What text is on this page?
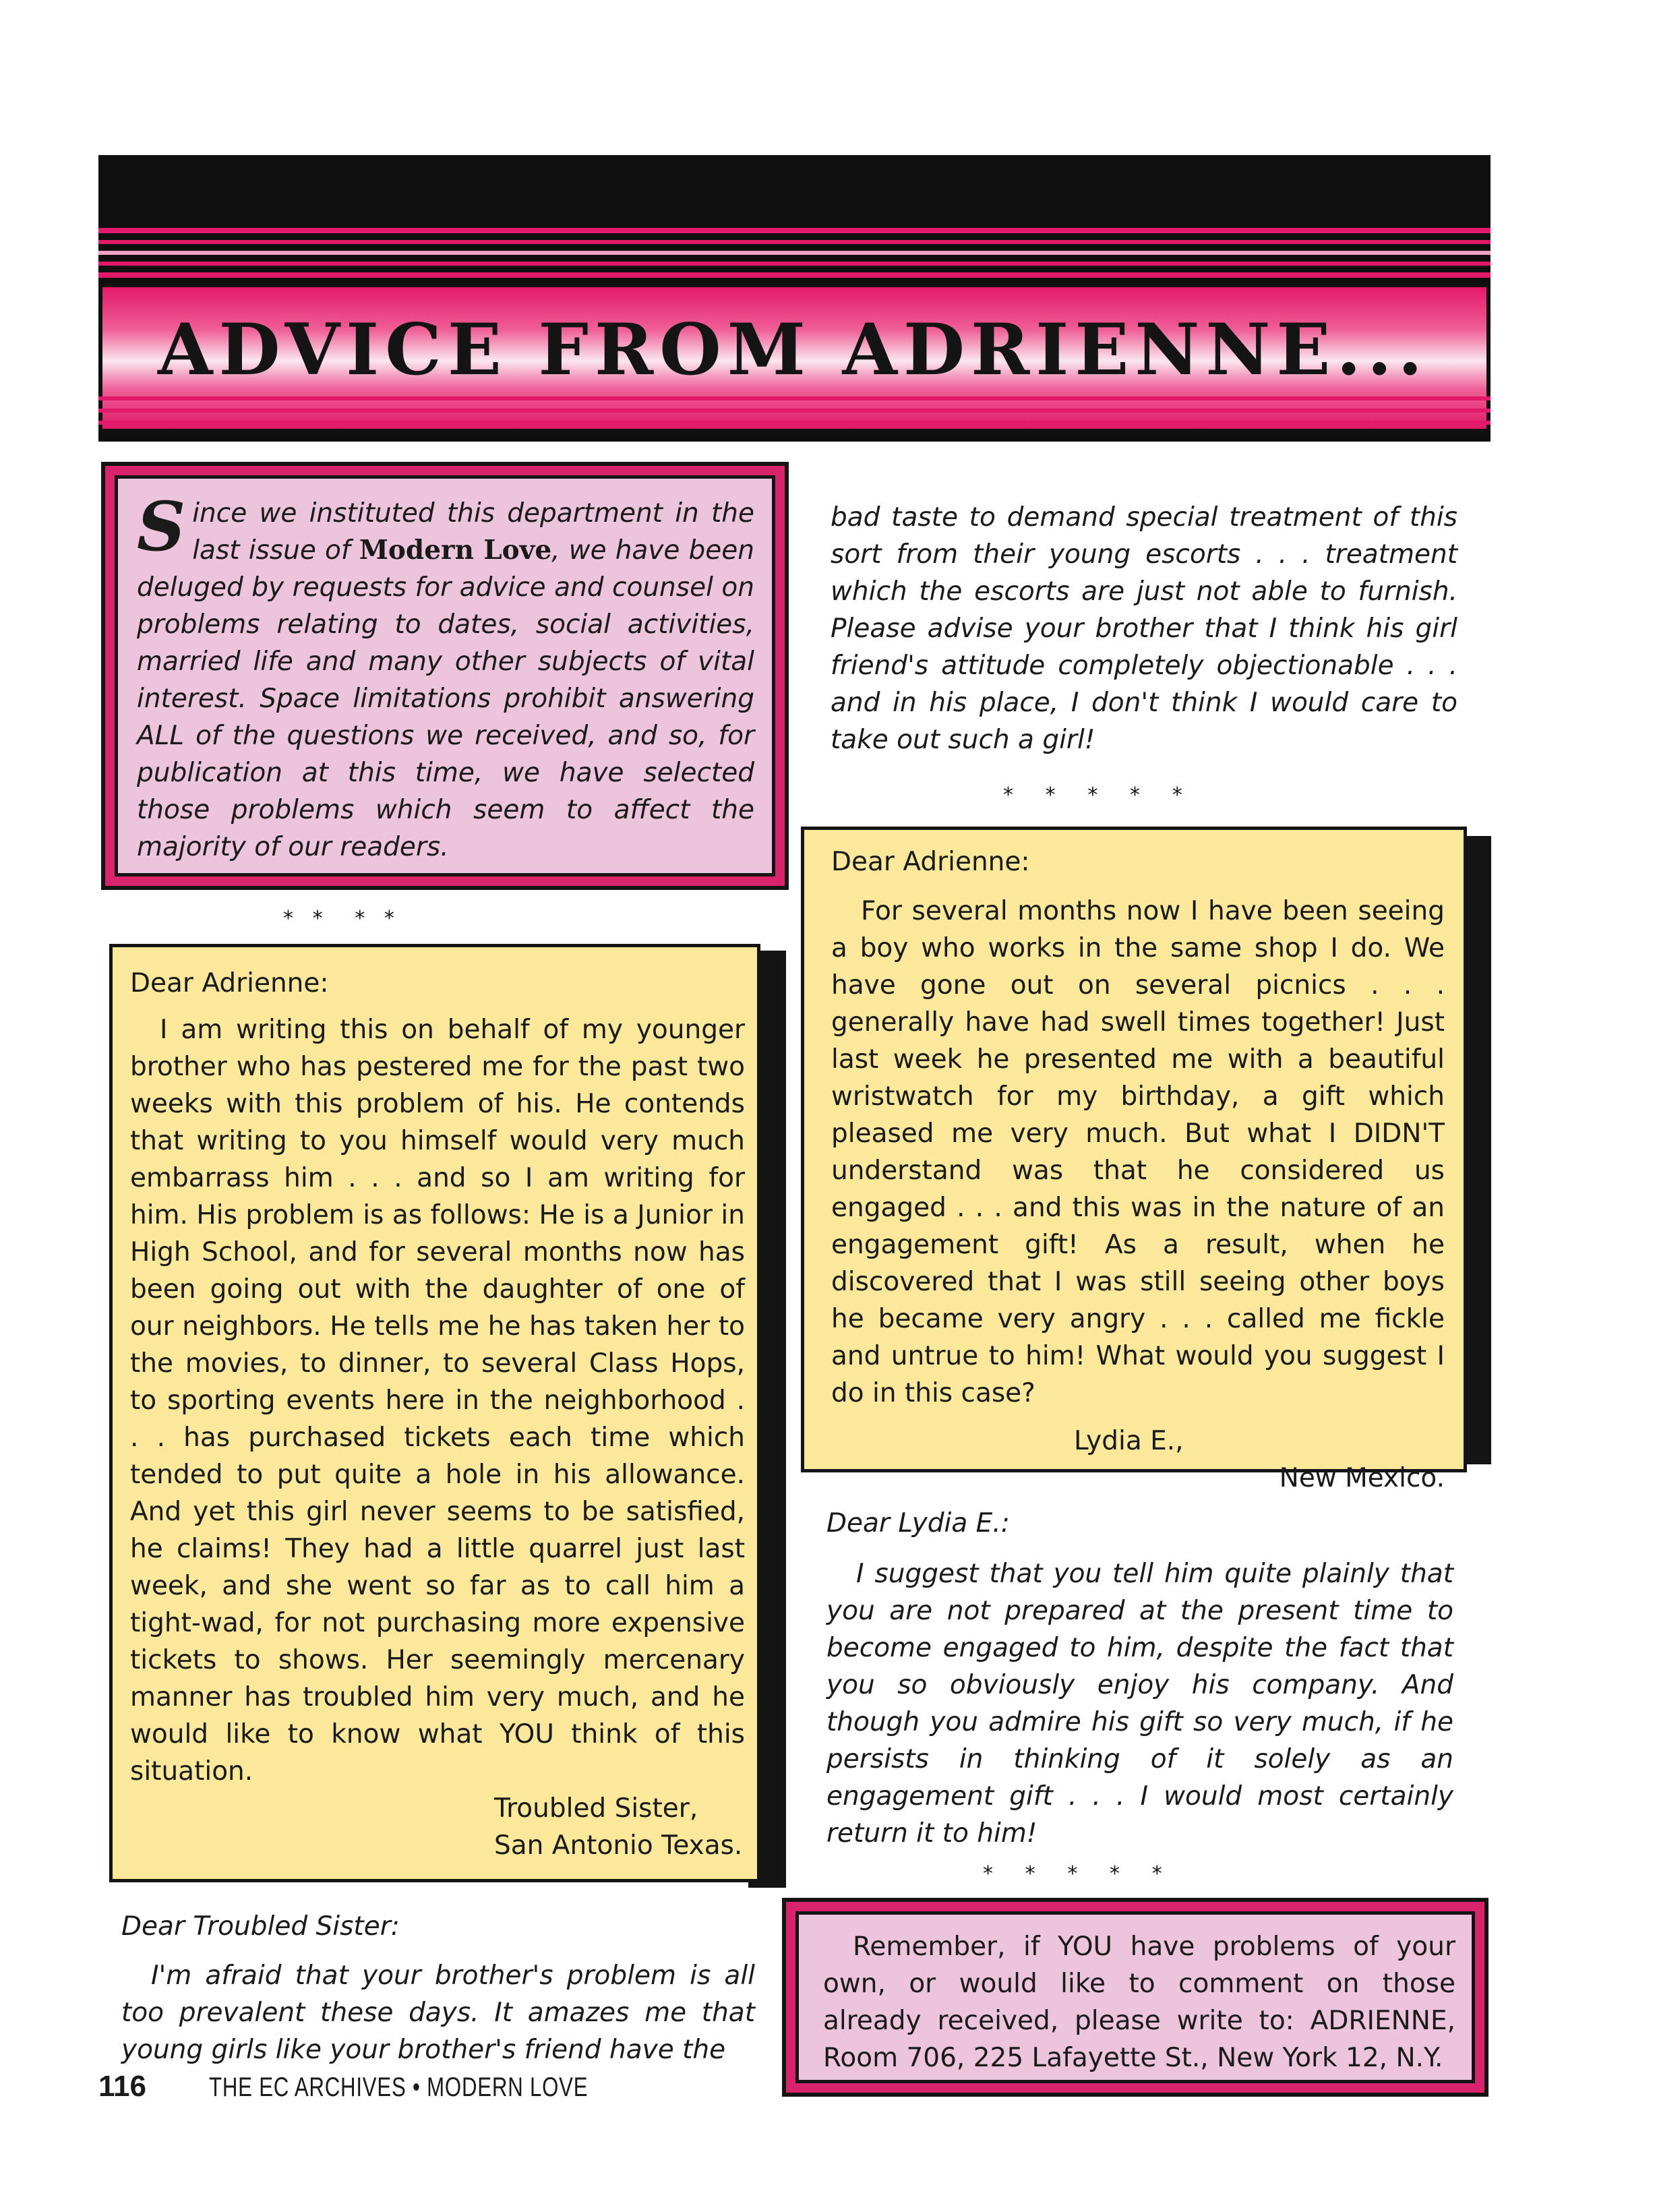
ADVICE FROM ADRIENNE...

Since we instituted this department in the last issue of Modern Love, we have been deluged by requests for advice and counsel on problems relating to dates, social activities, married life and many other subjects of vital interest. Space limitations prohibit answering ALL of the questions we received, and so, for publication at this time, we have selected those problems which seem to affect the majority of our readers.

*   *     *   *

Dear Adrienne:

I am writing this on behalf of my younger brother who has pestered me for the past two weeks with this problem of his. He contends that writing to you himself would very much embarrass him . . . and so I am writing for him. His problem is as follows: He is a Junior in High School, and for several months now has been going out with the daughter of one of our neighbors. He tells me he has taken her to the movies, to dinner, to several Class Hops, to sporting events here in the neighborhood . . . has purchased tickets each time which tended to put quite a hole in his allowance. And yet this girl never seems to be satisfied, he claims! They had a little quarrel just last week, and she went so far as to call him a tight-wad, for not purchasing more expensive tickets to shows. Her seemingly mercenary manner has troubled him very much, and he would like to know what YOU think of this situation.

Troubled Sister,

San Antonio Texas.

Dear Troubled Sister:

I'm afraid that your brother's problem is all too prevalent these days. It amazes me that young girls like your brother's friend have the

bad taste to demand special treatment of this sort from their young escorts . . . treatment which the escorts are just not able to furnish. Please advise your brother that I think his girl friend's attitude completely objectionable . . . and in his place, I don't think I would care to take out such a girl!

*     *     *     *     *

Dear Adrienne:

For several months now I have been seeing a boy who works in the same shop I do. We have gone out on several picnics . . . generally have had swell times together! Just last week he presented me with a beautiful wristwatch for my birthday, a gift which pleased me very much. But what I DIDN'T understand was that he considered us engaged . . . and this was in the nature of an engagement gift! As a result, when he discovered that I was still seeing other boys he became very angry . . . called me fickle and untrue to him! What would you suggest I do in this case?

Lydia E.,

New Mexico.

Dear Lydia E.:

I suggest that you tell him quite plainly that you are not prepared at the present time to become engaged to him, despite the fact that you so obviously enjoy his company. And though you admire his gift so very much, if he persists in thinking of it solely as an engagement gift . . . I would most certainly return it to him!

*     *     *     *     *

Remember, if YOU have problems of your own, or would like to comment on those already received, please write to: ADRIENNE, Room 706, 225 Lafayette St., New York 12, N.Y.

116 THE EC ARCHIVES • MODERN LOVE
